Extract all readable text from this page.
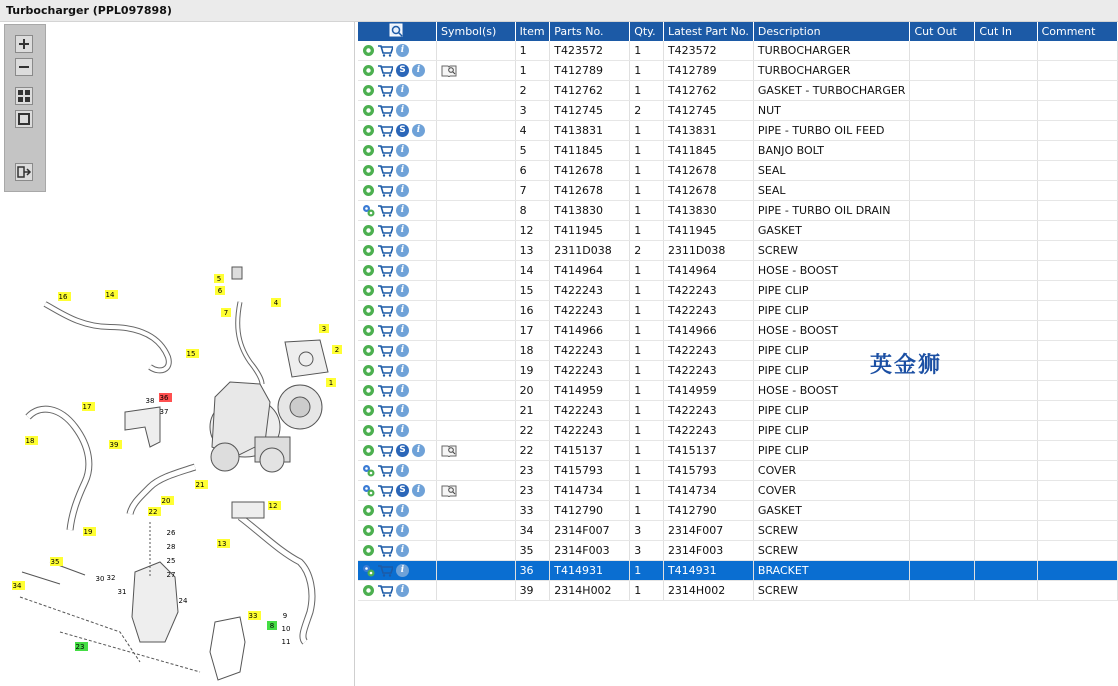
Turbocharger (PPL097898)
16	14
5
6
7
4
3
2
15
1
17
38 36
37
18	39
21
20
22
12
19	26
28	13
25
35
27
30 32
31
34
24
9
33
8 10
11
23
	Symbol(s)	Item	Parts No.	Qty.	Latest Part No.	Description	Cut Out	Cut In	Comment
i		1	T423572	1	T423572	TURBOCHARGER			
S i		1	T412789	1	T412789	TURBOCHARGER			
i		2	T412762	1	T412762	GASKET - TURBOCHARGER			
i		3	T412745	2	T412745	NUT			
S i		4	T413831	1	T413831	PIPE - TURBO OIL FEED			
i		5	T411845	1	T411845	BANJO BOLT			
i		6	T412678	1	T412678	SEAL			
i		7	T412678	1	T412678	SEAL			
i		8	T413830	1	T413830	PIPE - TURBO OIL DRAIN			
i		12	T411945	1	T411945	GASKET			
i		13	2311D038	2	2311D038	SCREW			
i		14	T414964	1	T414964	HOSE - BOOST			
i		15	T422243	1	T422243	PIPE CLIP			
i		16	T422243	1	T422243	PIPE CLIP			
i		17	T414966	1	T414966	HOSE - BOOST			
i		18	T422243	1	T422243	PIPE CLIP			
i		19	T422243	1	T422243	PIPE CLIP			
i		20	T414959	1	T414959	HOSE - BOOST			
i		21	T422243	1	T422243	PIPE CLIP			
i		22	T422243	1	T422243	PIPE CLIP			
S i		22	T415137	1	T415137	PIPE CLIP			
i		23	T415793	1	T415793	COVER			
S i		23	T414734	1	T414734	COVER			
i		33	T412790	1	T412790	GASKET			
i		34	2314F007	3	2314F007	SCREW			
i		35	2314F003	3	2314F003	SCREW			
i		36	T414931	1	T414931	BRACKET			
i		39	2314H002	1	2314H002	SCREW			
英金狮
